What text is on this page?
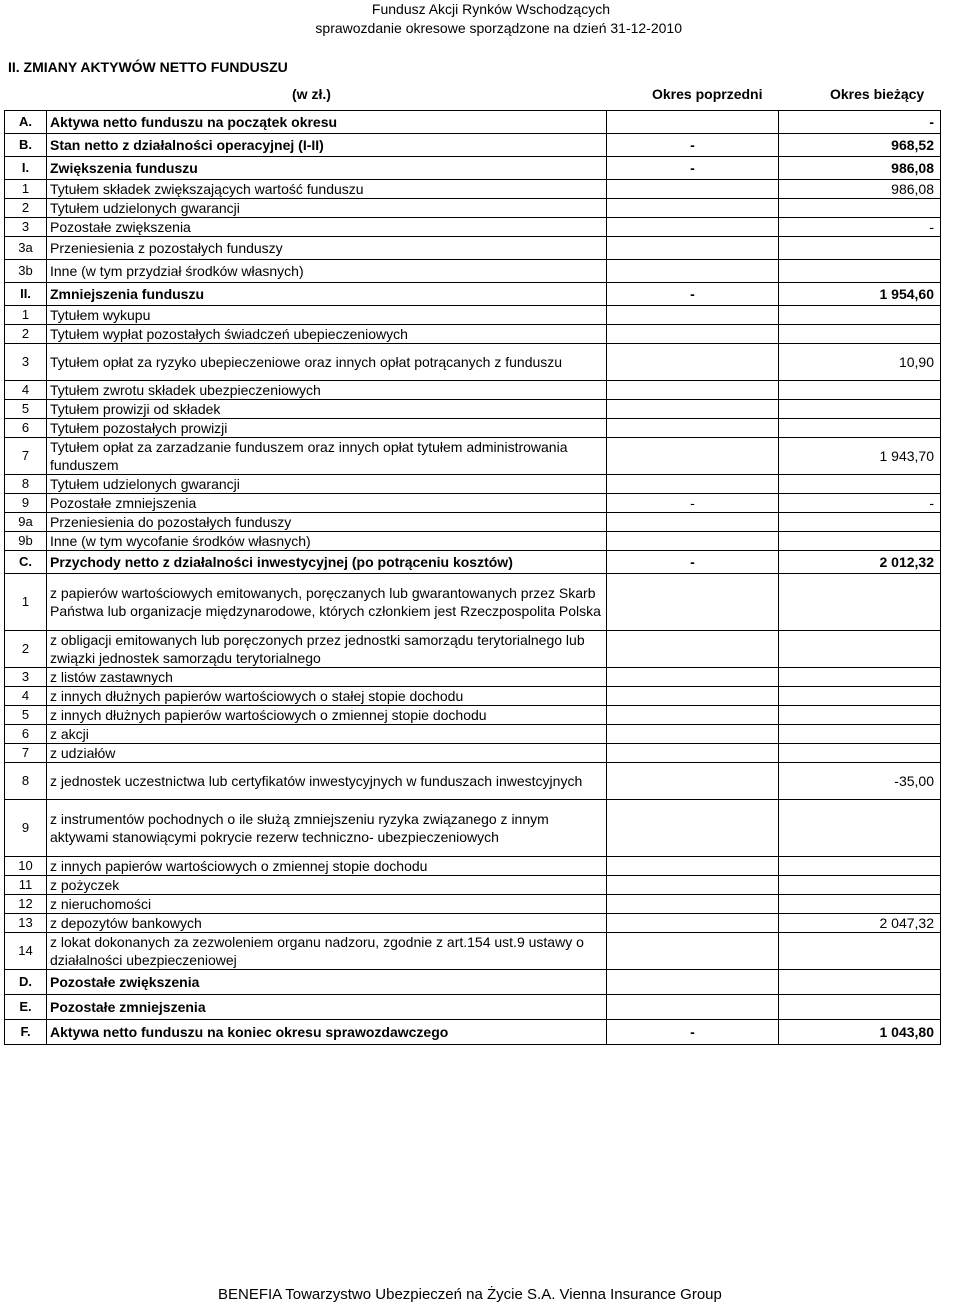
Fundusz Akcji Rynków Wschodzących
sprawozdanie okresowe sporządzone na dzień 31-12-2010
II. ZMIANY AKTYWÓW NETTO FUNDUSZU
(w zł.)	Okres poprzedni	Okres bieżący
A.	Aktywa netto funduszu na początek okresu		-
B.	Stan netto z działalności operacyjnej (I-II)	-	968,52
I.	Zwiększenia funduszu	-	986,08
1	Tytułem składek zwiększających wartość funduszu		986,08
2	Tytułem udzielonych gwarancji		
3	Pozostałe zwiększenia		-
3a	Przeniesienia z pozostałych funduszy		
3b	Inne (w tym przydział środków własnych)		
II.	Zmniejszenia funduszu	-	1 954,60
1	Tytułem wykupu		
2	Tytułem wypłat pozostałych świadczeń ubepieczeniowych		
3	Tytułem opłat za ryzyko ubepieczeniowe oraz innych opłat potrącanych z funduszu		10,90
4	Tytułem zwrotu składek ubezpieczeniowych		
5	Tytułem prowizji od składek		
6	Tytułem pozostałych prowizji		
7	Tytułem opłat za zarzadzanie funduszem oraz innych opłat tytułem administrowania funduszem		1 943,70
8	Tytułem udzielonych gwarancji		
9	Pozostałe zmniejszenia	-	-
9a	Przeniesienia do pozostałych funduszy		
9b	Inne (w tym wycofanie środków własnych)		
C.	Przychody netto z działalności inwestycyjnej (po potrąceniu kosztów)	-	2 012,32
1	z papierów wartościowych emitowanych, poręczanych lub gwarantowanych przez Skarb Państwa lub organizacje międzynarodowe, których członkiem jest Rzeczpospolita Polska		
2	z obligacji emitowanych lub poręczonych przez jednostki samorządu terytorialnego lub związki jednostek samorządu terytorialnego		
3	z listów zastawnych		
4	z innych dłużnych papierów wartościowych o stałej stopie dochodu		
5	z innych dłużnych papierów wartościowych o zmiennej stopie dochodu		
6	z akcji		
7	z udziałów		
8	z jednostek uczestnictwa lub certyfikatów inwestycyjnych w funduszach inwestcyjnych		-35,00
9	z instrumentów pochodnych o ile służą zmniejszeniu ryzyka związanego z innym aktywami stanowiącymi pokrycie rezerw techniczno- ubezpieczeniowych		
10	z innych papierów wartościowych o zmiennej stopie dochodu		
11	z pożyczek		
12	z nieruchomości		
13	z depozytów bankowych		2 047,32
14	z lokat dokonanych za zezwoleniem organu nadzoru, zgodnie z art.154 ust.9 ustawy o działalności ubezpieczeniowej		
D.	Pozostałe zwiększenia		
E.	Pozostałe zmniejszenia		
F.	Aktywa netto funduszu na koniec okresu sprawozdawczego	-	1 043,80
BENEFIA Towarzystwo Ubezpieczeń na Życie S.A. Vienna Insurance Group
